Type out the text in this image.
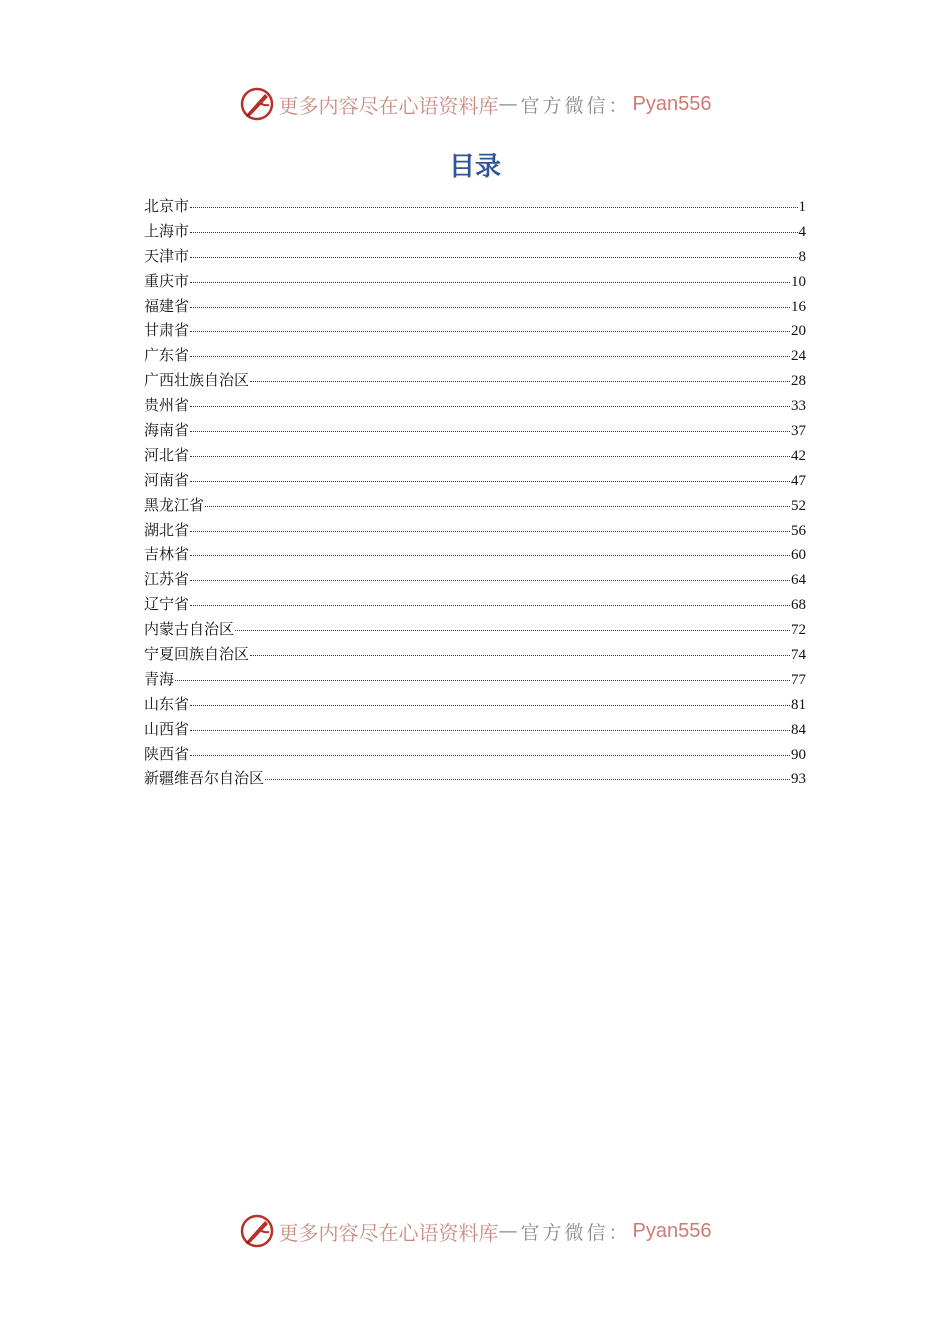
更多内容尽在心语资料库 — 官方微信： Pyan556
目录
北京市	1
上海市	4
天津市	8
重庆市	10
福建省	16
甘肃省	20
广东省	24
广西壮族自治区	28
贵州省	33
海南省	37
河北省	42
河南省	47
黑龙江省	52
湖北省	56
吉林省	60
江苏省	64
辽宁省	68
内蒙古自治区	72
宁夏回族自治区	74
青海	77
山东省	81
山西省	84
陕西省	90
新疆维吾尔自治区	93
更多内容尽在心语资料库 — 官方微信： Pyan556
